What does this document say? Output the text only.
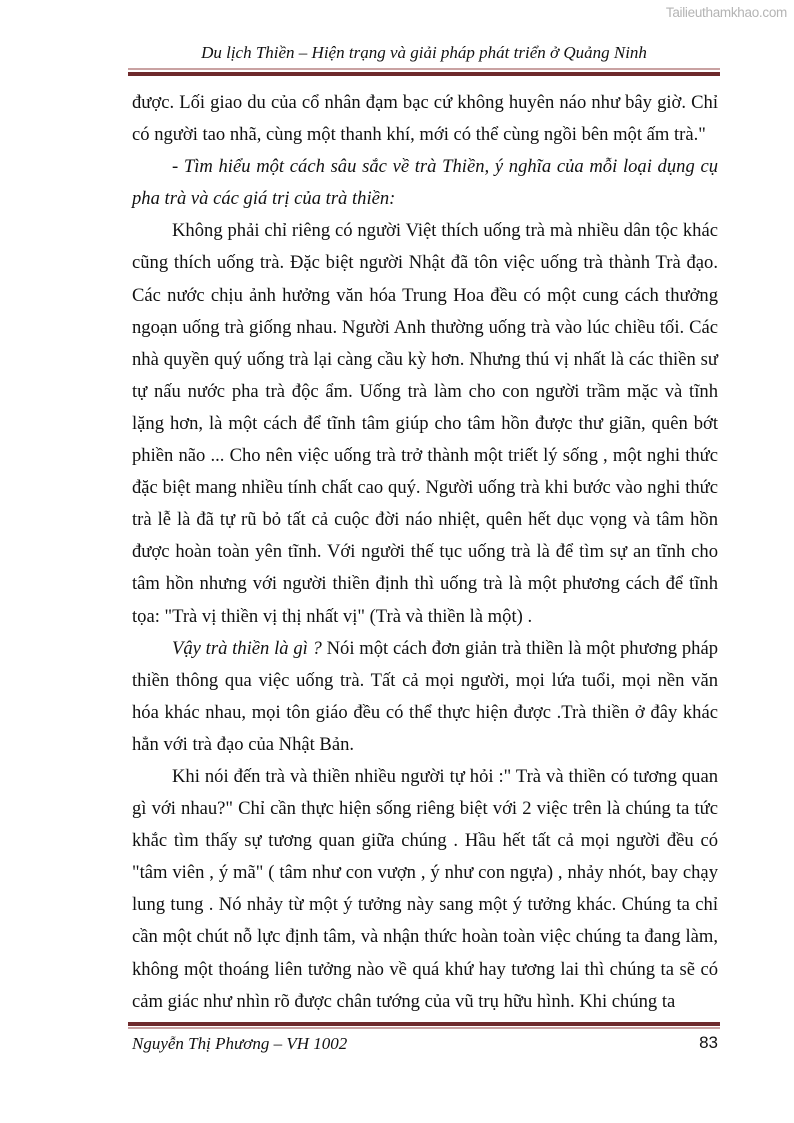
Tailieuthamkhao.com
Du lịch Thiền – Hiện trạng và giải pháp phát triển ở Quảng Ninh

được. Lối giao du của cổ nhân đạm bạc cứ không huyên náo như bây giờ. Chỉ có người tao nhã, cùng một thanh khí, mới có thể cùng ngồi bên một ấm trà."

- Tìm hiểu một cách sâu sắc về trà Thiền, ý nghĩa của mỗi loại dụng cụ pha trà và các giá trị của trà thiền:

Không phải chỉ riêng có người Việt thích uống trà mà nhiều dân tộc khác cũng thích uống trà. Đặc biệt người Nhật đã tôn việc uống trà thành Trà đạo. Các nước chịu ảnh hưởng văn hóa Trung Hoa đều có một cung cách thưởng ngoạn uống trà giống nhau. Người Anh thường uống trà vào lúc chiều tối. Các nhà quyền quý uống trà lại càng cầu kỳ hơn. Nhưng thú vị nhất là các thiền sư tự nấu nước pha trà độc ẩm. Uống trà làm cho con người trầm mặc và tĩnh lặng hơn, là một cách để tĩnh tâm giúp cho tâm hồn được thư giãn, quên bớt phiền não ... Cho nên việc uống trà trở thành một triết lý sống , một nghi thức đặc biệt mang nhiều tính chất cao quý. Người uống trà khi bước vào nghi thức trà lễ là đã tự rũ bỏ tất cả cuộc đời náo nhiệt, quên hết dục vọng và tâm hồn được hoàn toàn yên tĩnh. Với người thế tục uống trà là để tìm sự an tĩnh cho tâm hồn nhưng với người thiền định thì uống trà là một phương cách để tĩnh tọa: "Trà vị thiền vị thị nhất vị" (Trà và thiền là một) .

Vậy trà thiền là gì ? Nói một cách đơn giản trà thiền là một phương pháp thiền thông qua việc uống trà. Tất cả mọi người, mọi lứa tuổi, mọi nền văn hóa khác nhau, mọi tôn giáo đều có thể thực hiện được .Trà thiền ở đây khác hẳn với trà đạo của Nhật Bản.

Khi nói đến trà và thiền nhiều người tự hỏi :" Trà và thiền có tương quan gì với nhau?" Chỉ cần thực hiện sống riêng biệt với 2 việc trên là chúng ta tức khắc tìm thấy sự tương quan giữa chúng . Hầu hết tất cả mọi người đều có "tâm viên , ý mã" ( tâm như con vượn , ý như con ngựa) , nhảy nhót, bay chạy lung tung . Nó nhảy từ một ý tưởng này sang một ý tưởng khác. Chúng ta chỉ cần một chút nỗ lực định tâm, và nhận thức hoàn toàn việc chúng ta đang làm, không một thoáng liên tưởng nào về quá khứ hay tương lai thì chúng ta sẽ có cảm giác như nhìn rõ được chân tướng của vũ trụ hữu hình. Khi chúng ta

Nguyễn Thị Phương – VH 1002	83
